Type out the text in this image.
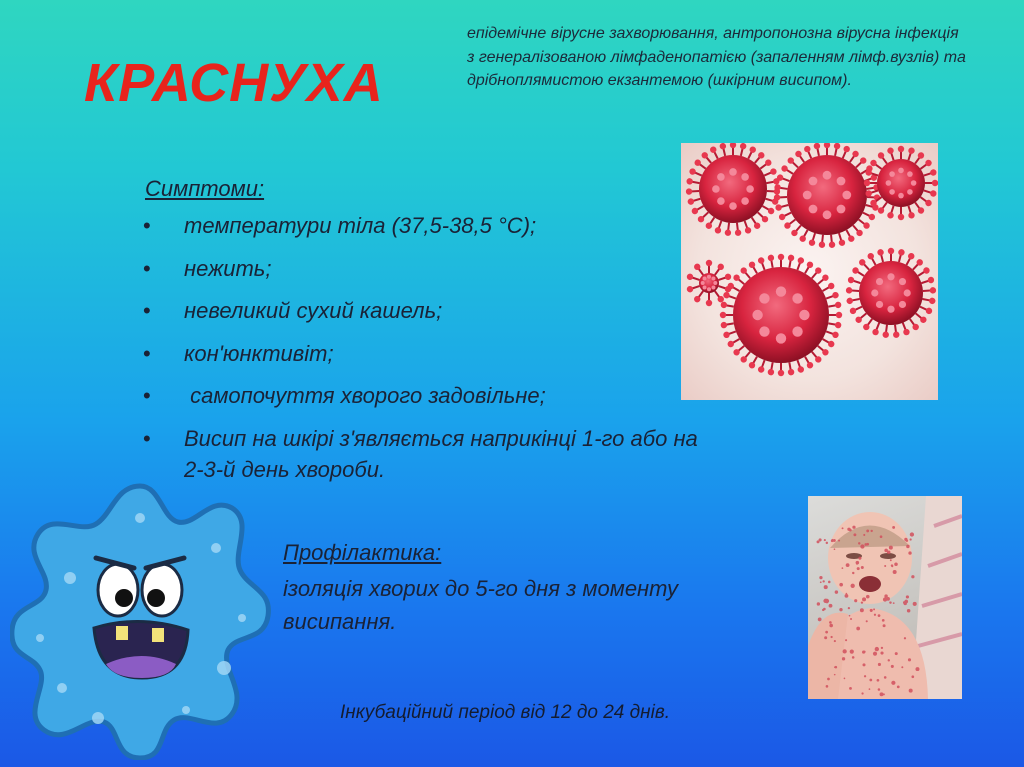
КРАСНУХА
епідемічне вірусне захворювання, антропонозна вірусна інфекція з генералізованою лімфаденопатією (запаленням лімф.вузлів) та дрібноплямистою екзантемою (шкірним висипом).
Симптоми:
• температури тіла (37,5-38,5 °С);
• нежить;
• невеликий сухий кашель;
• кон'юнктивіт;
• самопочуття хворого задовільне;
• Висип на шкірі з'являється наприкінці 1-го або на 2-3-й день хвороби.
Профілактика:
ізоляція хворих до 5-го дня з моменту висипання.
Інкубаційний період від 12 до 24 днів.
